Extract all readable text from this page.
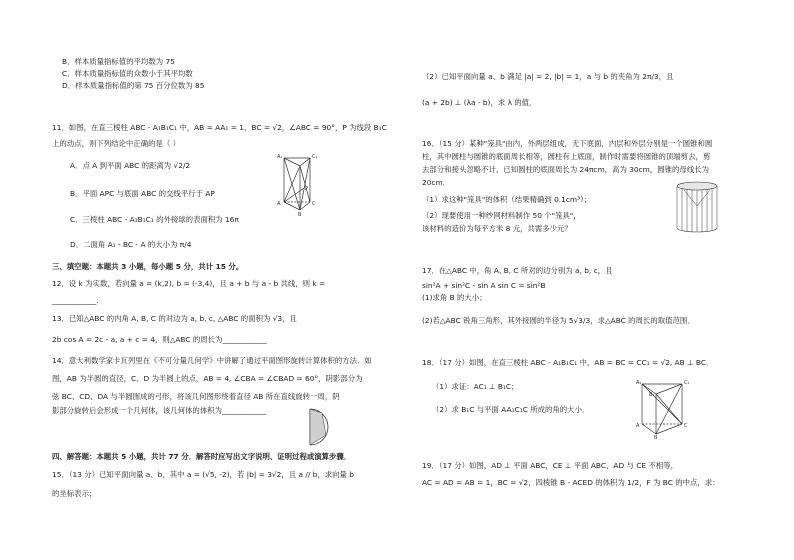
B．样本质量指标值的平均数为 75
C．样本质量指标值的众数小于其平均数
D．样本质量指标值的第 75 百分位数为 85
11．如图，在直三棱柱 ABC - A₁B₁C₁ 中，AB = AA₁ = 1，BC = √2，∠ABC = 90°，P 为线段 B₁C
上的动点，则下列结论中正确的是（ ）
A．点 A 到平面 ABC 的距离为 √2/2
B．平面 APC 与底面 ABC 的交线平行于 AP
C．三棱柱 ABC - A₁B₁C₁ 的外接球的表面积为 16π
D．二面角 A₁ - BC - A 的大小为 π/4
A₁	C₁
A	C
B
P
三、填空题：本题共 3 小题，每小题 5 分，共计 15 分。
12．设 k 为实数，若向量 a = (k,2), b = (-3,4)，且 a + b 与 a - b 共线，则 k =
____________.
13．已知△ABC 的内角 A, B, C 的对边为 a, b, c, △ABC 的面积为 √3，且
2b cos A = 2c - a, a + c = 4，则△ABC 的周长为____________
14．意大利数学家卡瓦列里在《不可分量几何学》中讲解了通过平面图形旋转计算体积的方法．如
图，AB 为半圆的直径，C、D 为半圆上的点，AB = 4, ∠CBA = ∠CBAD = 60°，阴影部分为
弦 BC、CD、DA 与半圆围成的弓形，将该几何图形绕着直径 AB 所在直线旋转一周，阴
影部分旋转后会形成一个几何体，该几何体的体积为____________
四、解答题：本题共 5 小题，共计 77 分．解答时应写出文字说明、证明过程或演算步骤．
15．（13 分）已知平面向量 a、b，其中 a = (√5, -2)，若 |b| = 3√2，且 a // b，求向量 b
的坐标表示；
（2）已知平面向量 a、b 满足 |a| = 2, |b| = 1，a 与 b 的夹角为 2π/3，且
(a + 2b) ⊥ (λa - b)，求 λ 的值．
16．（15 分）某种"笼具"由内，外两层组成，无下底面，内层和外层分别是一个圆锥和圆
柱，其中圆柱与圆锥的底面周长相等，圆柱有上底面，制作时需要将圆锥的顶端剪去，剪
去部分和接头忽略不计，已知圆柱的底面周长为 24πcm，高为 30cm，圆锥的母线长为
20cm．
（1）求这种"笼具"的体积（结果精确到 0.1cm³）；
（2）现要使用一种纱网材料制作 50 个"笼具"，
该材料的造价为每平方米 8 元，共需多少元？
17．在△ABC 中，角 A, B, C 所对的边分别为 a, b, c，且
sin²A + sin²C - sin A sin C = sin²B
(1)求角 B 的大小；
(2)若△ABC 锐角三角形，其外接圆的半径为 5√3/3，求△ABC 的周长的取值范围．
18．（17 分）如图，在直三棱柱 ABC - A₁B₁C₁ 中，AB = BC = CC₁ = √2, AB ⊥ BC．
（1）求证：AC₁ ⊥ B₁C；
（2）求 B₁C 与平面 AA₁C₁C 所成的角的大小．
A₁	C₁
B₁
A	C
B
19．（17 分）如图，AD ⊥ 平面 ABC，CE ⊥ 平面 ABC，AD 与 CE 不相等，
AC = AD = AB = 1，BC = √2，四棱锥 B - ACED 的体积为 1/2，F 为 BC 的中点，求：
